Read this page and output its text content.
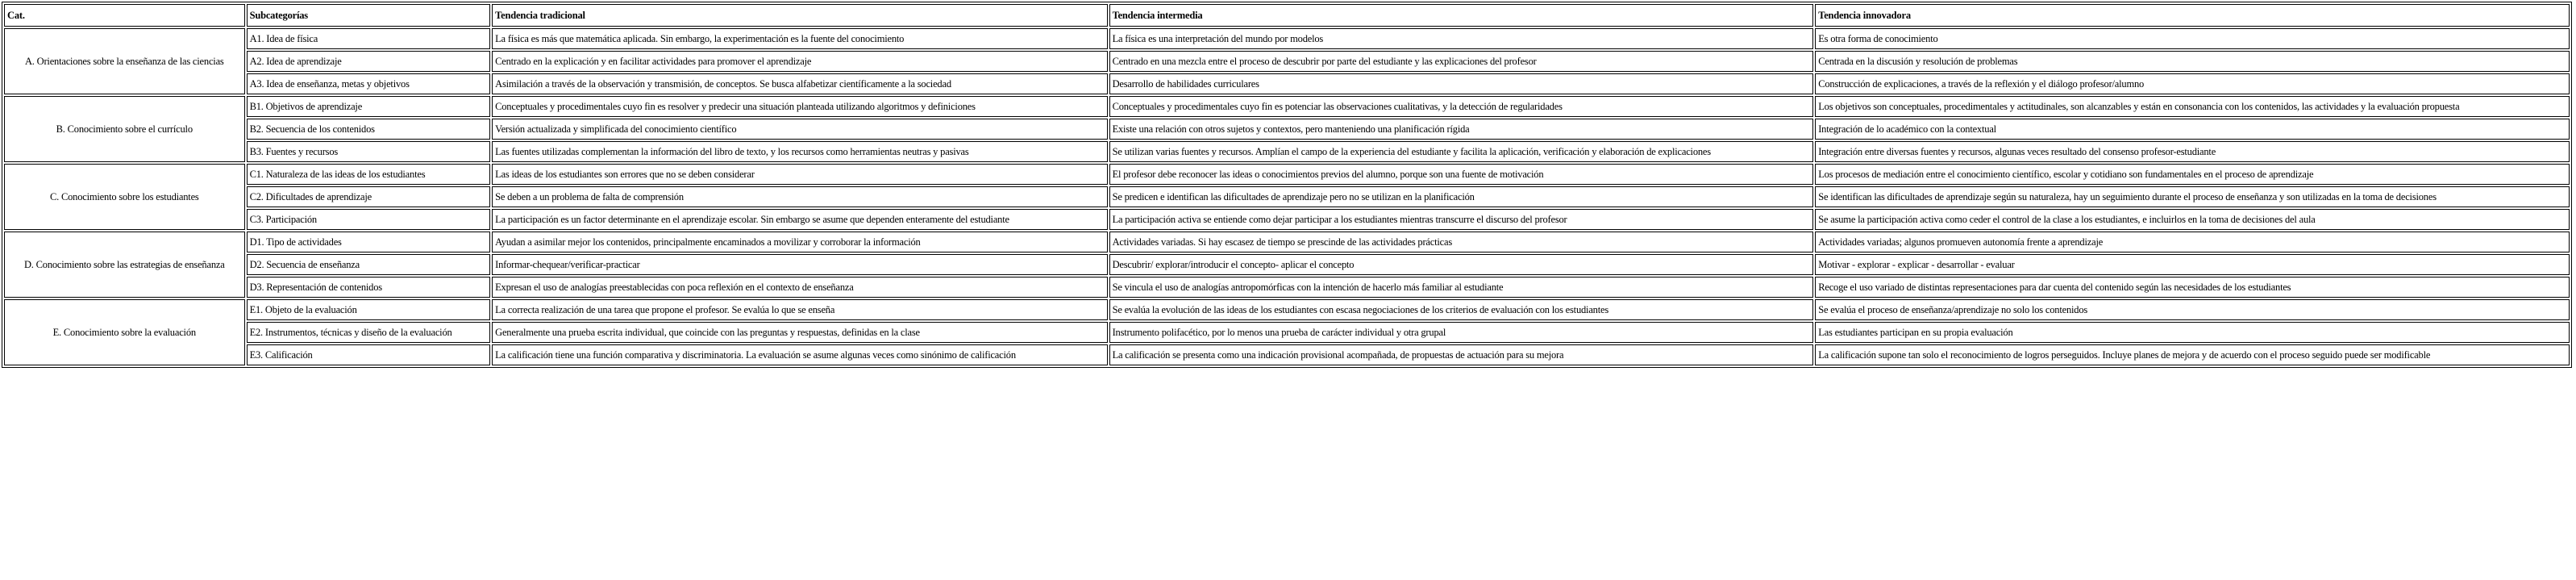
Cat.	Subcategorías	Tendencia tradicional	Tendencia intermedia	Tendencia innovadora
A. Orientaciones sobre la enseñanza de las ciencias	A1. Idea de física	La física es más que matemática aplicada. Sin embargo, la experimentación es la fuente del conocimiento	La física es una interpretación del mundo por modelos	Es otra forma de conocimiento
	A2. Idea de aprendizaje	Centrado en la explicación y en facilitar actividades para promover el aprendizaje	Centrado en una mezcla entre el proceso de descubrir por parte del estudiante y las explicaciones del profesor	Centrada en la discusión y resolución de problemas
	A3. Idea de enseñanza, metas y objetivos	Asimilación a través de la observación y transmisión, de conceptos. Se busca alfabetizar científicamente a la sociedad	Desarrollo de habilidades curriculares	Construcción de explicaciones, a través de la reflexión y el diálogo profesor/alumno
B. Conocimiento sobre el currículo	B1. Objetivos de aprendizaje	Conceptuales y procedimentales cuyo fin es resolver y predecir una situación planteada utilizando algoritmos y definiciones	Conceptuales y procedimentales cuyo fin es potenciar las observaciones cualitativas, y la detección de regularidades	Los objetivos son conceptuales, procedimentales y actitudinales, son alcanzables y están en consonancia con los contenidos, las actividades y la evaluación propuesta
	B2. Secuencia de los contenidos	Versión actualizada y simplificada del conocimiento científico	Existe una relación con otros sujetos y contextos, pero manteniendo una planificación rígida	Integración de lo académico con la contextual
	B3. Fuentes y recursos	Las fuentes utilizadas complementan la información del libro de texto, y los recursos como herramientas neutras y pasivas	Se utilizan varias fuentes y recursos. Amplían el campo de la experiencia del estudiante y facilita la aplicación, verificación y elaboración de explicaciones	Integración entre diversas fuentes y recursos, algunas veces resultado del consenso profesor-estudiante
C. Conocimiento sobre los estudiantes	C1. Naturaleza de las ideas de los estudiantes	Las ideas de los estudiantes son errores que no se deben considerar	El profesor debe reconocer las ideas o conocimientos previos del alumno, porque son una fuente de motivación	Los procesos de mediación entre el conocimiento científico, escolar y cotidiano son fundamentales en el proceso de aprendizaje
	C2. Dificultades de aprendizaje	Se deben a un problema de falta de comprensión	Se predicen e identifican las dificultades de aprendizaje pero no se utilizan en la planificación	Se identifican las dificultades de aprendizaje según su naturaleza, hay un seguimiento durante el proceso de enseñanza y son utilizadas en la toma de decisiones
	C3. Participación	La participación es un factor determinante en el aprendizaje escolar. Sin embargo se asume que dependen enteramente del estudiante	La participación activa se entiende como dejar participar a los estudiantes mientras transcurre el discurso del profesor	Se asume la participación activa como ceder el control de la clase a los estudiantes, e incluirlos en la toma de decisiones del aula
D. Conocimiento sobre las estrategias de enseñanza	D1. Tipo de actividades	Ayudan a asimilar mejor los contenidos, principalmente encaminados a movilizar y corroborar la información	Actividades variadas. Si hay escasez de tiempo se prescinde de las actividades prácticas	Actividades variadas; algunos promueven autonomía frente a aprendizaje
	D2. Secuencia de enseñanza	Informar-chequear/verificar-practicar	Descubrir/ explorar/introducir el concepto- aplicar el concepto	Motivar - explorar - explicar - desarrollar - evaluar
	D3. Representación de contenidos	Expresan el uso de analogías preestablecidas con poca reflexión en el contexto de enseñanza	Se vincula el uso de analogías antropomórficas con la intención de hacerlo más familiar al estudiante	Recoge el uso variado de distintas representaciones para dar cuenta del contenido según las necesidades de los estudiantes
E. Conocimiento sobre la evaluación	E1. Objeto de la evaluación	La correcta realización de una tarea que propone el profesor. Se evalúa lo que se enseña	Se evalúa la evolución de las ideas de los estudiantes con escasa negociaciones de los criterios de evaluación con los estudiantes	Se evalúa el proceso de enseñanza/aprendizaje no solo los contenidos
	E2. Instrumentos, técnicas y diseño de la evaluación	Generalmente una prueba escrita individual, que coincide con las preguntas y respuestas, definidas en la clase	Instrumento polifacético, por lo menos una prueba de carácter individual y otra grupal	Las estudiantes participan en su propia evaluación
	E3. Calificación	La calificación tiene una función comparativa y discriminatoria. La evaluación se asume algunas veces como sinónimo de calificación	La calificación se presenta como una indicación provisional acompañada, de propuestas de actuación para su mejora	La calificación supone tan solo el reconocimiento de logros perseguidos. Incluye planes de mejora y de acuerdo con el proceso seguido puede ser modificable
